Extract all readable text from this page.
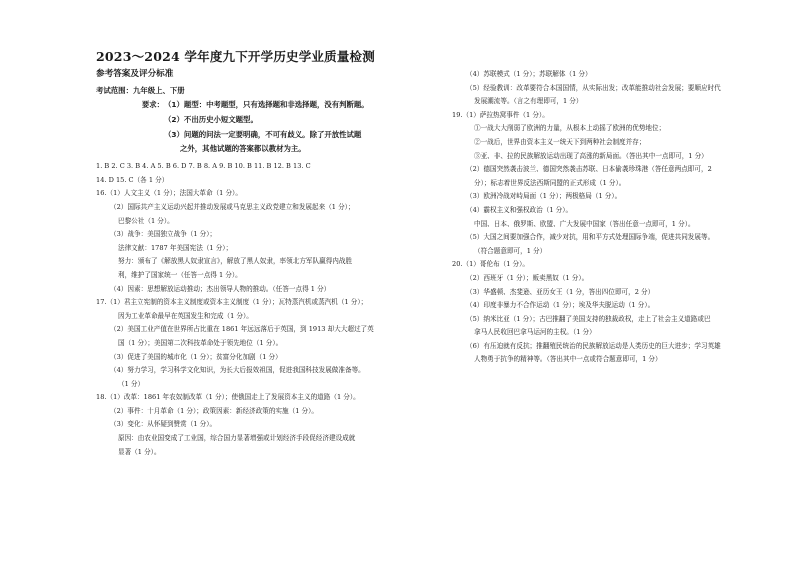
2023～2024 学年度九下开学历史学业质量检测
参考答案及评分标准
考试范围：九年级上、下册
要求： （1）题型：中考题型，只有选择题和非选择题，没有判断题。
（2）不出历史小短文题型。
（3）问题的问法一定要明确，不可有歧义。除了开放性试题
之外，其他试题的答案都以教材为主。
1. B 2. C 3. B 4. A 5. B 6. D 7. B 8. A 9. B 10. B 11. B 12. B 13. C
14. D 15. C（各 1 分）
16.（1）人文主义（1 分）；法国大革命（1 分）。
（2）国际共产主义运动兴起并推动发展或马克思主义政党建立和发展起来（1 分）；
巴黎公社（1 分）。
（3）战争：美国独立战争（1 分）；
法律文献：1787 年美国宪法（1 分）；
努力：颁布了《解放黑人奴隶宣言》，解放了黑人奴隶，率领北方军队赢得内战胜
利，维护了国家统一（任答一点得 1 分）。
（4）因素：思想解放运动推动；杰出领导人物的推动。（任答一点得 1 分）
17.（1）君主立宪制的资本主义制度或资本主义制度（1 分）；瓦特蒸汽机或蒸汽机（1 分）；
因为工业革命最早在英国发生和完成（1 分）。
（2）美国工业产值在世界所占比重在 1861 年远远落后于英国，到 1913 却大大超过了英
国（1 分）；美国第二次科技革命处于领先地位（1 分）。
（3）促进了美国的城市化（1 分）；贫富分化加剧（1 分）
（4）努力学习，学习科学文化知识，为长大后报效祖国，促进我国科技发展做准备等。
（1 分）
18.（1）改革：1861 年农奴制改革（1 分）；使俄国走上了发展资本主义的道路（1 分）。
（2）事件：十月革命（1 分）；政策因素：新经济政策的实施（1 分）。
（3）变化：从怀疑到赞赏（1 分）。
原因：由农业国变成了工业国，综合国力显著增强或计划经济手段促经济建设成就
显著（1 分）。
（4）苏联模式（1 分）；苏联解体（1 分）
（5）经验教训：改革要符合本国国情，从实际出发；改革能推动社会发展；要顺应时代
发展潮流等。（言之有理即可，1 分）
19.（1）萨拉热窝事件（1 分）。
①一战大大削弱了欧洲的力量，从根本上动摇了欧洲的优势地位；
②一战后，世界由资本主义一统天下到两种社会制度并存；
③亚、非、拉的民族解放运动出现了高涨的新局面。（答出其中一点即可，1 分）
（2）德国突然袭击波兰、德国突然袭击苏联、日本偷袭珍珠港（答任意两点即可，2
分）；标志着世界反法西斯同盟的正式形成（1 分）。
（3）欧洲冷战对峙局面（1 分）；两极格局（1 分）。
（4）霸权主义和强权政治（1 分）。
中国、日本、俄罗斯、欧盟、广大发展中国家（答出任意一点即可，1 分）。
（5）大国之间要加强合作，减少对抗，用和平方式处理国际争端，促进共同发展等。
（符合题意即可，1 分）
20.（1）哥伦布（1 分）。
（2）西班牙（1 分）；贩卖黑奴（1 分）。
（3）华盛顿、杰斐逊、亚历女王（1 分，答出四位即可，2 分）
（4）印度非暴力不合作运动（1 分）；埃及华夫脱运动（1 分）。
（5）纳米比亚（1 分）；古巴推翻了美国支持的独裁政权，走上了社会主义道路或巴
拿马人民收回巴拿马运河的主权。（1 分）
（6）有压迫就有反抗；推翻殖民统治的民族解放运动是人类历史的巨大进步；学习英雄
人物勇于抗争的精神等。（答出其中一点或符合题意即可，1 分）
